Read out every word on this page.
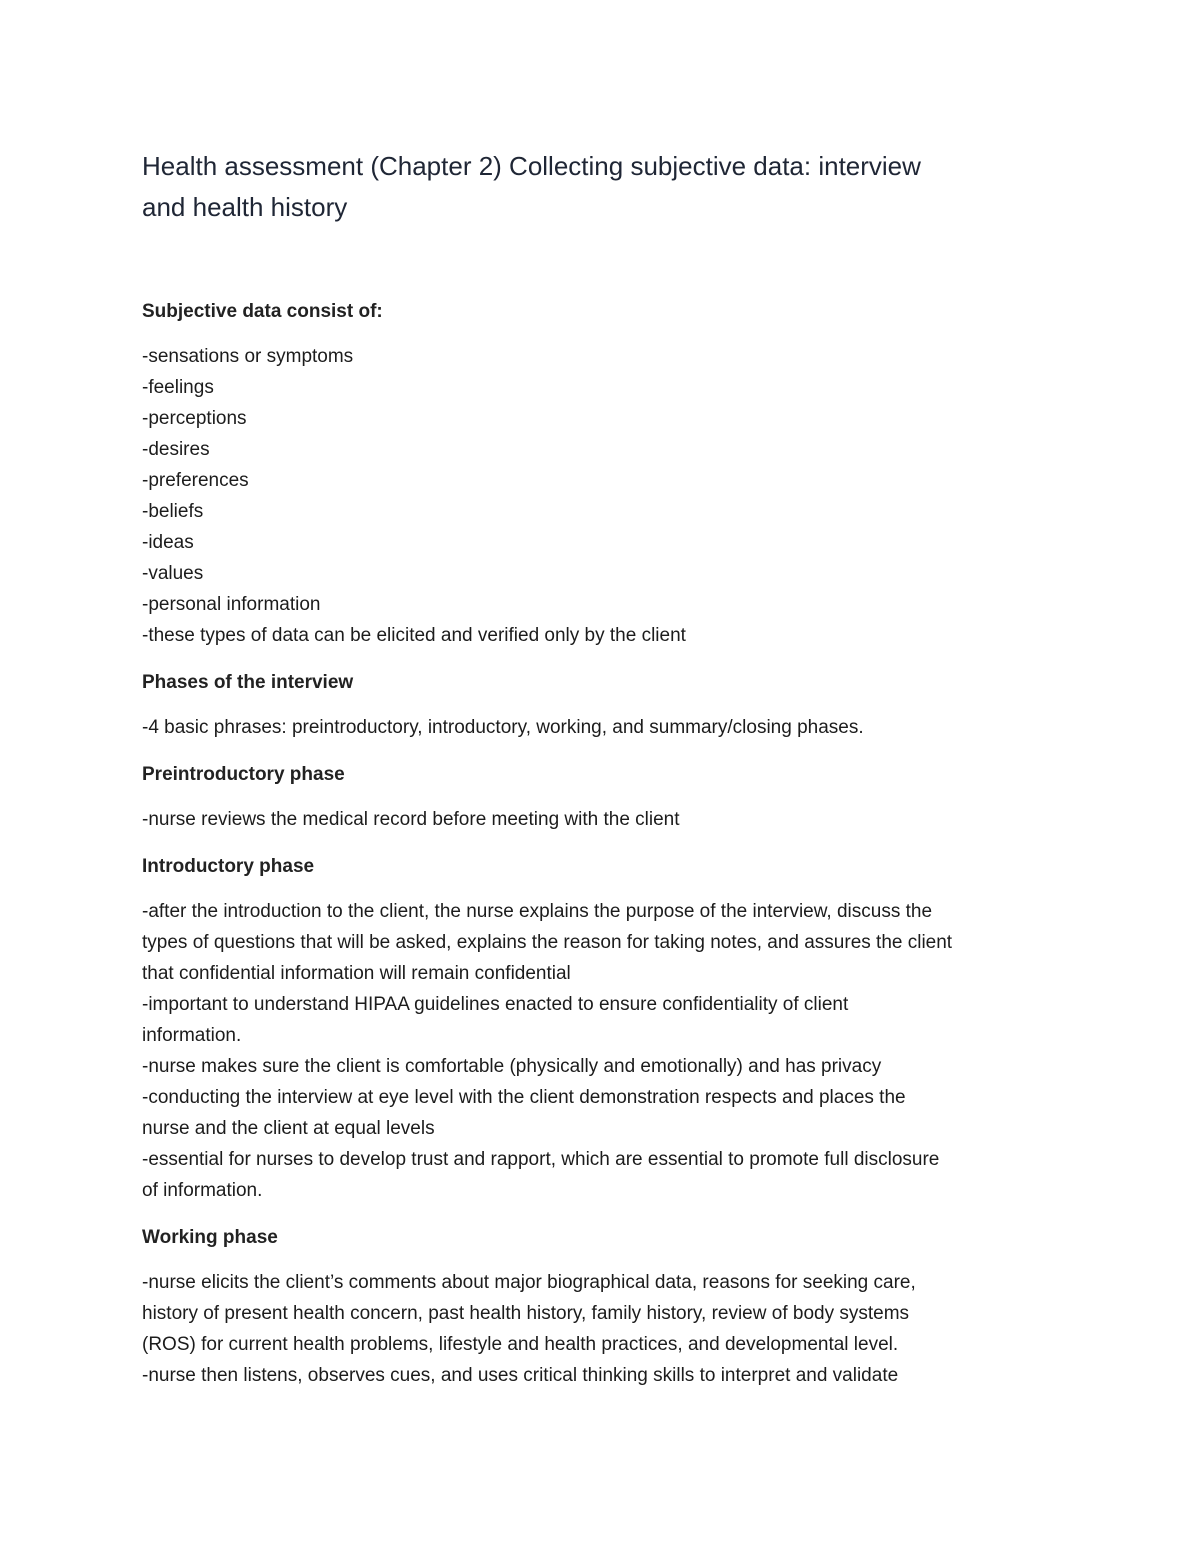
Health assessment (Chapter 2) Collecting subjective data: interview
and health history
Subjective data consist of:
-sensations or symptoms
-feelings
-perceptions
-desires
-preferences
-beliefs
-ideas
-values
-personal information
-these types of data can be elicited and verified only by the client
Phases of the interview
-4 basic phrases: preintroductory, introductory, working, and summary/closing phases.
Preintroductory phase
-nurse reviews the medical record before meeting with the client
Introductory phase
-after the introduction to the client, the nurse explains the purpose of the interview, discuss the
types of questions that will be asked, explains the reason for taking notes, and assures the client
that confidential information will remain confidential
-important to understand HIPAA guidelines enacted to ensure confidentiality of client
information.
-nurse makes sure the client is comfortable (physically and emotionally) and has privacy
-conducting the interview at eye level with the client demonstration respects and places the
nurse and the client at equal levels
-essential for nurses to develop trust and rapport, which are essential to promote full disclosure
of information.
Working phase
-nurse elicits the client’s comments about major biographical data, reasons for seeking care,
history of present health concern, past health history, family history, review of body systems
(ROS) for current health problems, lifestyle and health practices, and developmental level.
-nurse then listens, observes cues, and uses critical thinking skills to interpret and validate
